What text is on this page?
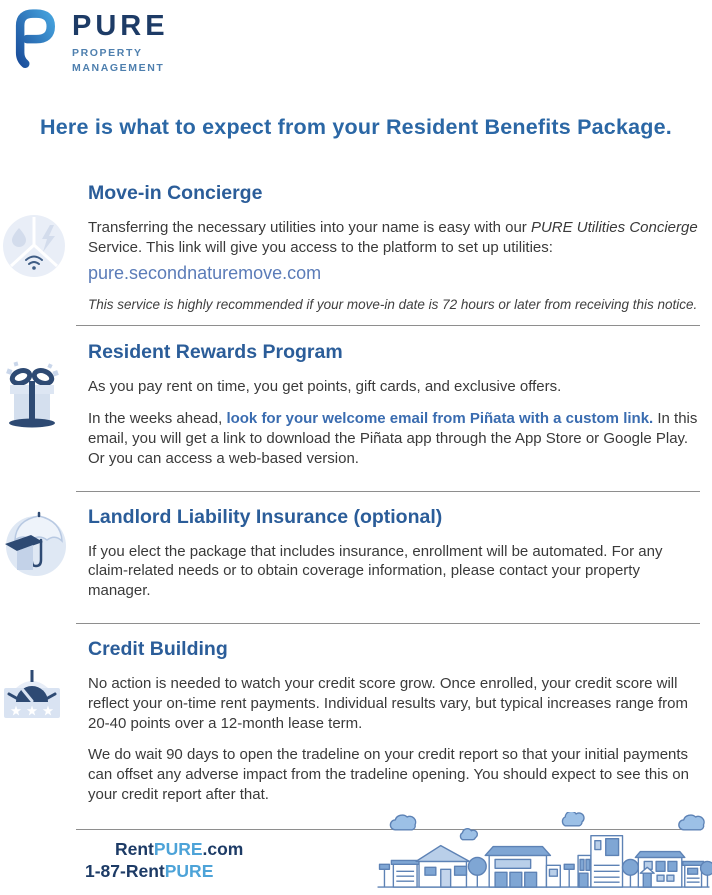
PURE
PROPERTY
MANAGEMENT
Here is what to expect from your Resident Benefits Package.
Move-in Concierge

Transferring the necessary utilities into your name is easy with our PURE Utilities Concierge Service. This link will give you access to the platform to set up utilities:

pure.secondnaturemove.com

This service is highly recommended if your move-in date is 72 hours or later from receiving this notice.

Resident Rewards Program

As you pay rent on time, you get points, gift cards, and exclusive offers.

In the weeks ahead, look for your welcome email from Piñata with a custom link. In this email, you will get a link to download the Piñata app through the App Store or Google Play. Or you can access a web-based version.

Landlord Liability Insurance (optional)

If you elect the package that includes insurance, enrollment will be automated. For any claim-related needs or to obtain coverage information, please contact your property manager.

Credit Building

No action is needed to watch your credit score grow. Once enrolled, your credit score will reflect your on-time rent payments. Individual results vary, but typical increases range from 20-40 points over a 12-month lease term.

We do wait 90 days to open the tradeline on your credit report so that your initial payments can offset any adverse impact from the tradeline opening. You should expect to see this on your credit report after that.

RentPURE.com
1-87-RentPURE
